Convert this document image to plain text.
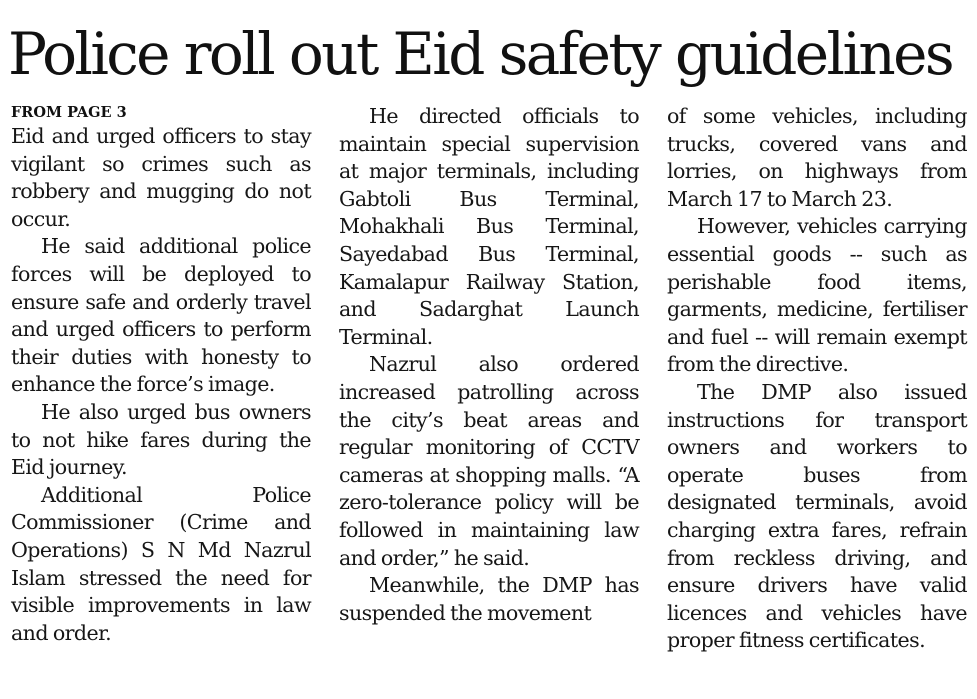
Police roll out Eid safety guidelines
FROM PAGE 3

Eid and urged officers to stay vigilant so crimes such as robbery and mugging do not occur.

He said additional police forces will be deployed to ensure safe and orderly travel and urged officers to perform their duties with honesty to enhance the force’s image.

He also urged bus owners to not hike fares during the Eid journey.

Additional Police Commissioner (Crime and Operations) S N Md Nazrul Islam stressed the need for visible improvements in law and order.

He directed officials to maintain special supervision at major terminals, including Gabtoli Bus Terminal, Mohakhali Bus Terminal, Sayedabad Bus Terminal, Kamalapur Railway Station, and Sadarghat Launch Terminal.

Nazrul also ordered increased patrolling across the city’s beat areas and regular monitoring of CCTV cameras at shopping malls. “A zero-tolerance policy will be followed in maintaining law and order,” he said.

Meanwhile, the DMP has suspended the movement

of some vehicles, including trucks, covered vans and lorries, on highways from March 17 to March 23.

However, vehicles carrying essential goods -- such as perishable food items, garments, medicine, fertiliser and fuel -- will remain exempt from the directive.

The DMP also issued instructions for transport owners and workers to operate buses from designated terminals, avoid charging extra fares, refrain from reckless driving, and ensure drivers have valid licences and vehicles have proper fitness certificates.
